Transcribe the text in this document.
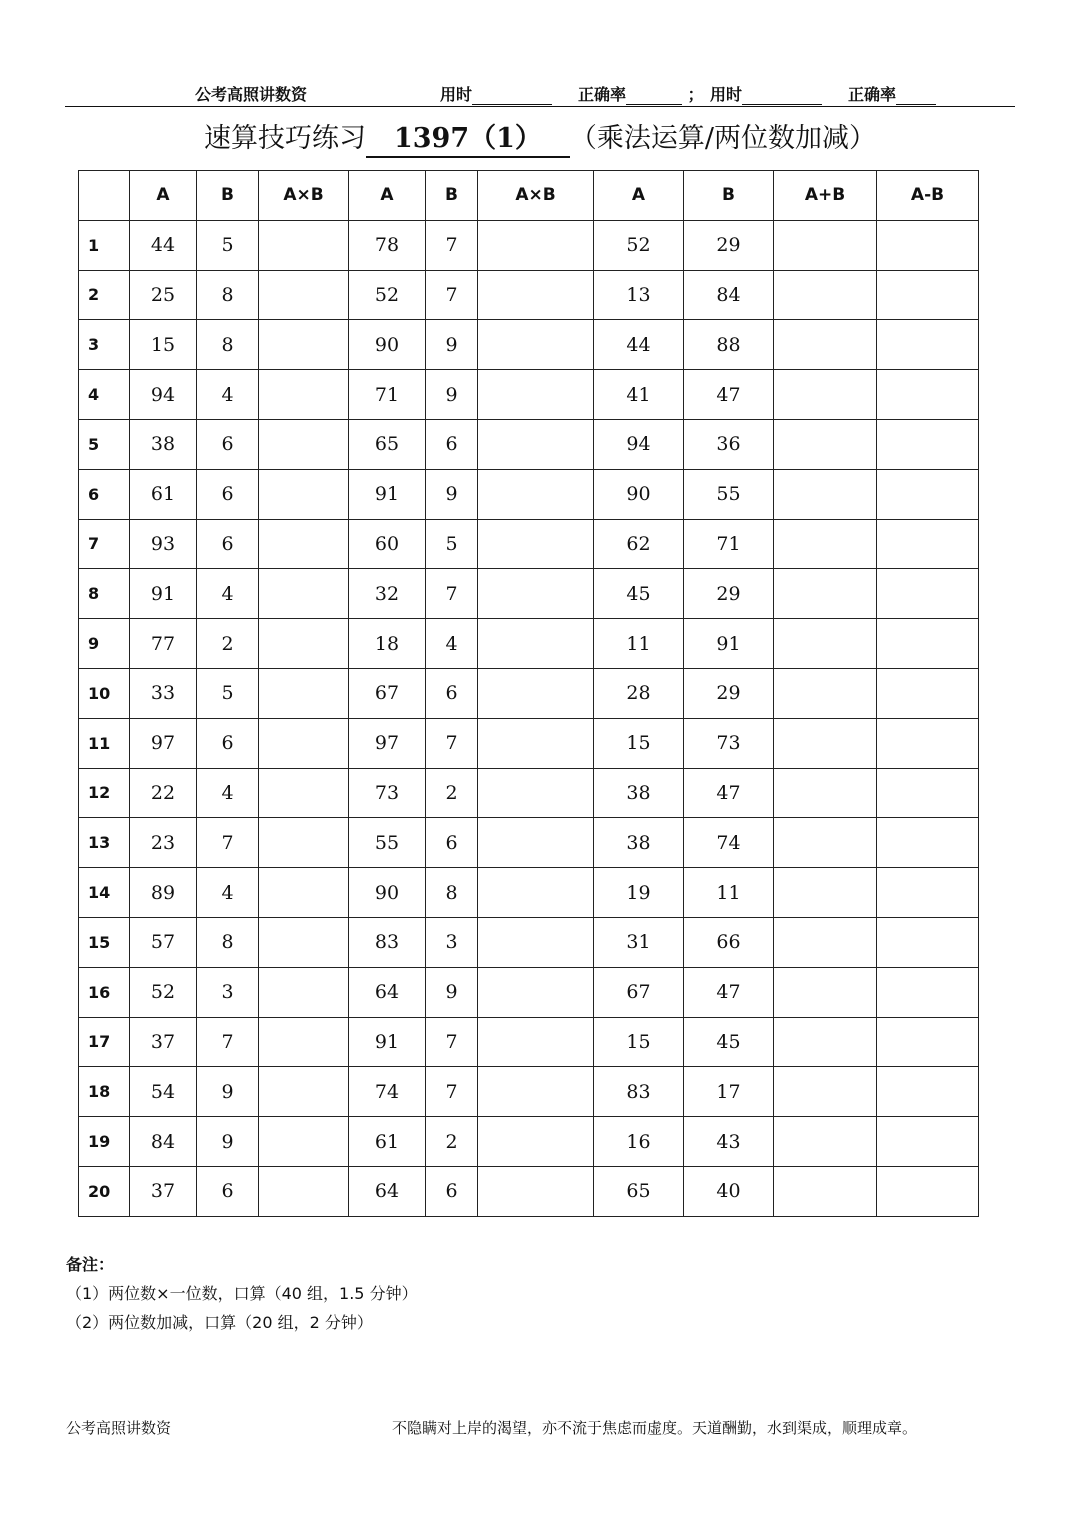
公考高照讲数资	用时	正确率	； 用时	正确率
速算技巧练习 1397（1） （乘法运算/两位数加减）
	A	B	A×B	A	B	A×B	A	B	A+B	A-B
1	44	5		78	7		52	29		
2	25	8		52	7		13	84		
3	15	8		90	9		44	88		
4	94	4		71	9		41	47		
5	38	6		65	6		94	36		
6	61	6		91	9		90	55		
7	93	6		60	5		62	71		
8	91	4		32	7		45	29		
9	77	2		18	4		11	91		
10	33	5		67	6		28	29		
11	97	6		97	7		15	73		
12	22	4		73	2		38	47		
13	23	7		55	6		38	74		
14	89	4		90	8		19	11		
15	57	8		83	3		31	66		
16	52	3		64	9		67	47		
17	37	7		91	7		15	45		
18	54	9		74	7		83	17		
19	84	9		61	2		16	43		
20	37	6		64	6		65	40		
备注：
（1）两位数×一位数，口算（40 组，1.5 分钟）
（2）两位数加减，口算（20 组，2 分钟）
公考高照讲数资	不隐瞒对上岸的渴望，亦不流于焦虑而虚度。天道酬勤，水到渠成，顺理成章。
